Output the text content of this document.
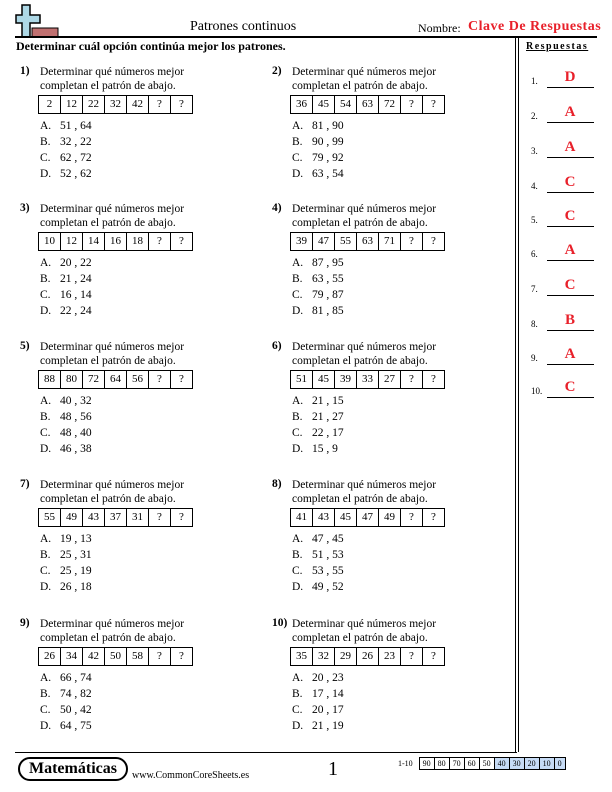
Patrones continuos	Nombre: Clave De Respuestas
Determinar cuál opción continúa mejor los patrones.	Respuestas
1) Determinar qué números mejor
completan el patrón de abajo.
2	12	22	32	42	?	?
A. 51 , 64
B. 32 , 22
C. 62 , 72
D. 52 , 62
2) Determinar qué números mejor
completan el patrón de abajo.
36	45	54	63	72	?	?
A. 81 , 90
B. 90 , 99
C. 79 , 92
D. 63 , 54
3) Determinar qué números mejor
completan el patrón de abajo.
10	12	14	16	18	?	?
A. 20 , 22
B. 21 , 24
C. 16 , 14
D. 22 , 24
4) Determinar qué números mejor
completan el patrón de abajo.
39	47	55	63	71	?	?
A. 87 , 95
B. 63 , 55
C. 79 , 87
D. 81 , 85
5) Determinar qué números mejor
completan el patrón de abajo.
88	80	72	64	56	?	?
A. 40 , 32
B. 48 , 56
C. 48 , 40
D. 46 , 38
6) Determinar qué números mejor
completan el patrón de abajo.
51	45	39	33	27	?	?
A. 21 , 15
B. 21 , 27
C. 22 , 17
D. 15 , 9
7) Determinar qué números mejor
completan el patrón de abajo.
55	49	43	37	31	?	?
A. 19 , 13
B. 25 , 31
C. 25 , 19
D. 26 , 18
8) Determinar qué números mejor
completan el patrón de abajo.
41	43	45	47	49	?	?
A. 47 , 45
B. 51 , 53
C. 53 , 55
D. 49 , 52
9) Determinar qué números mejor
completan el patrón de abajo.
26	34	42	50	58	?	?
A. 66 , 74
B. 74 , 82
C. 50 , 42
D. 64 , 75
10) Determinar qué números mejor
completan el patrón de abajo.
35	32	29	26	23	?	?
A. 20 , 23
B. 17 , 14
C. 20 , 17
D. 21 , 19
1.	D
2.	A
3.	A
4.	C
5.	C
6.	A
7.	C
8.	B
9.	A
10.	C
Matemáticas	www.CommonCoreSheets.es	1	1-10	90 80 70 60 50 40 30 20 10 0
